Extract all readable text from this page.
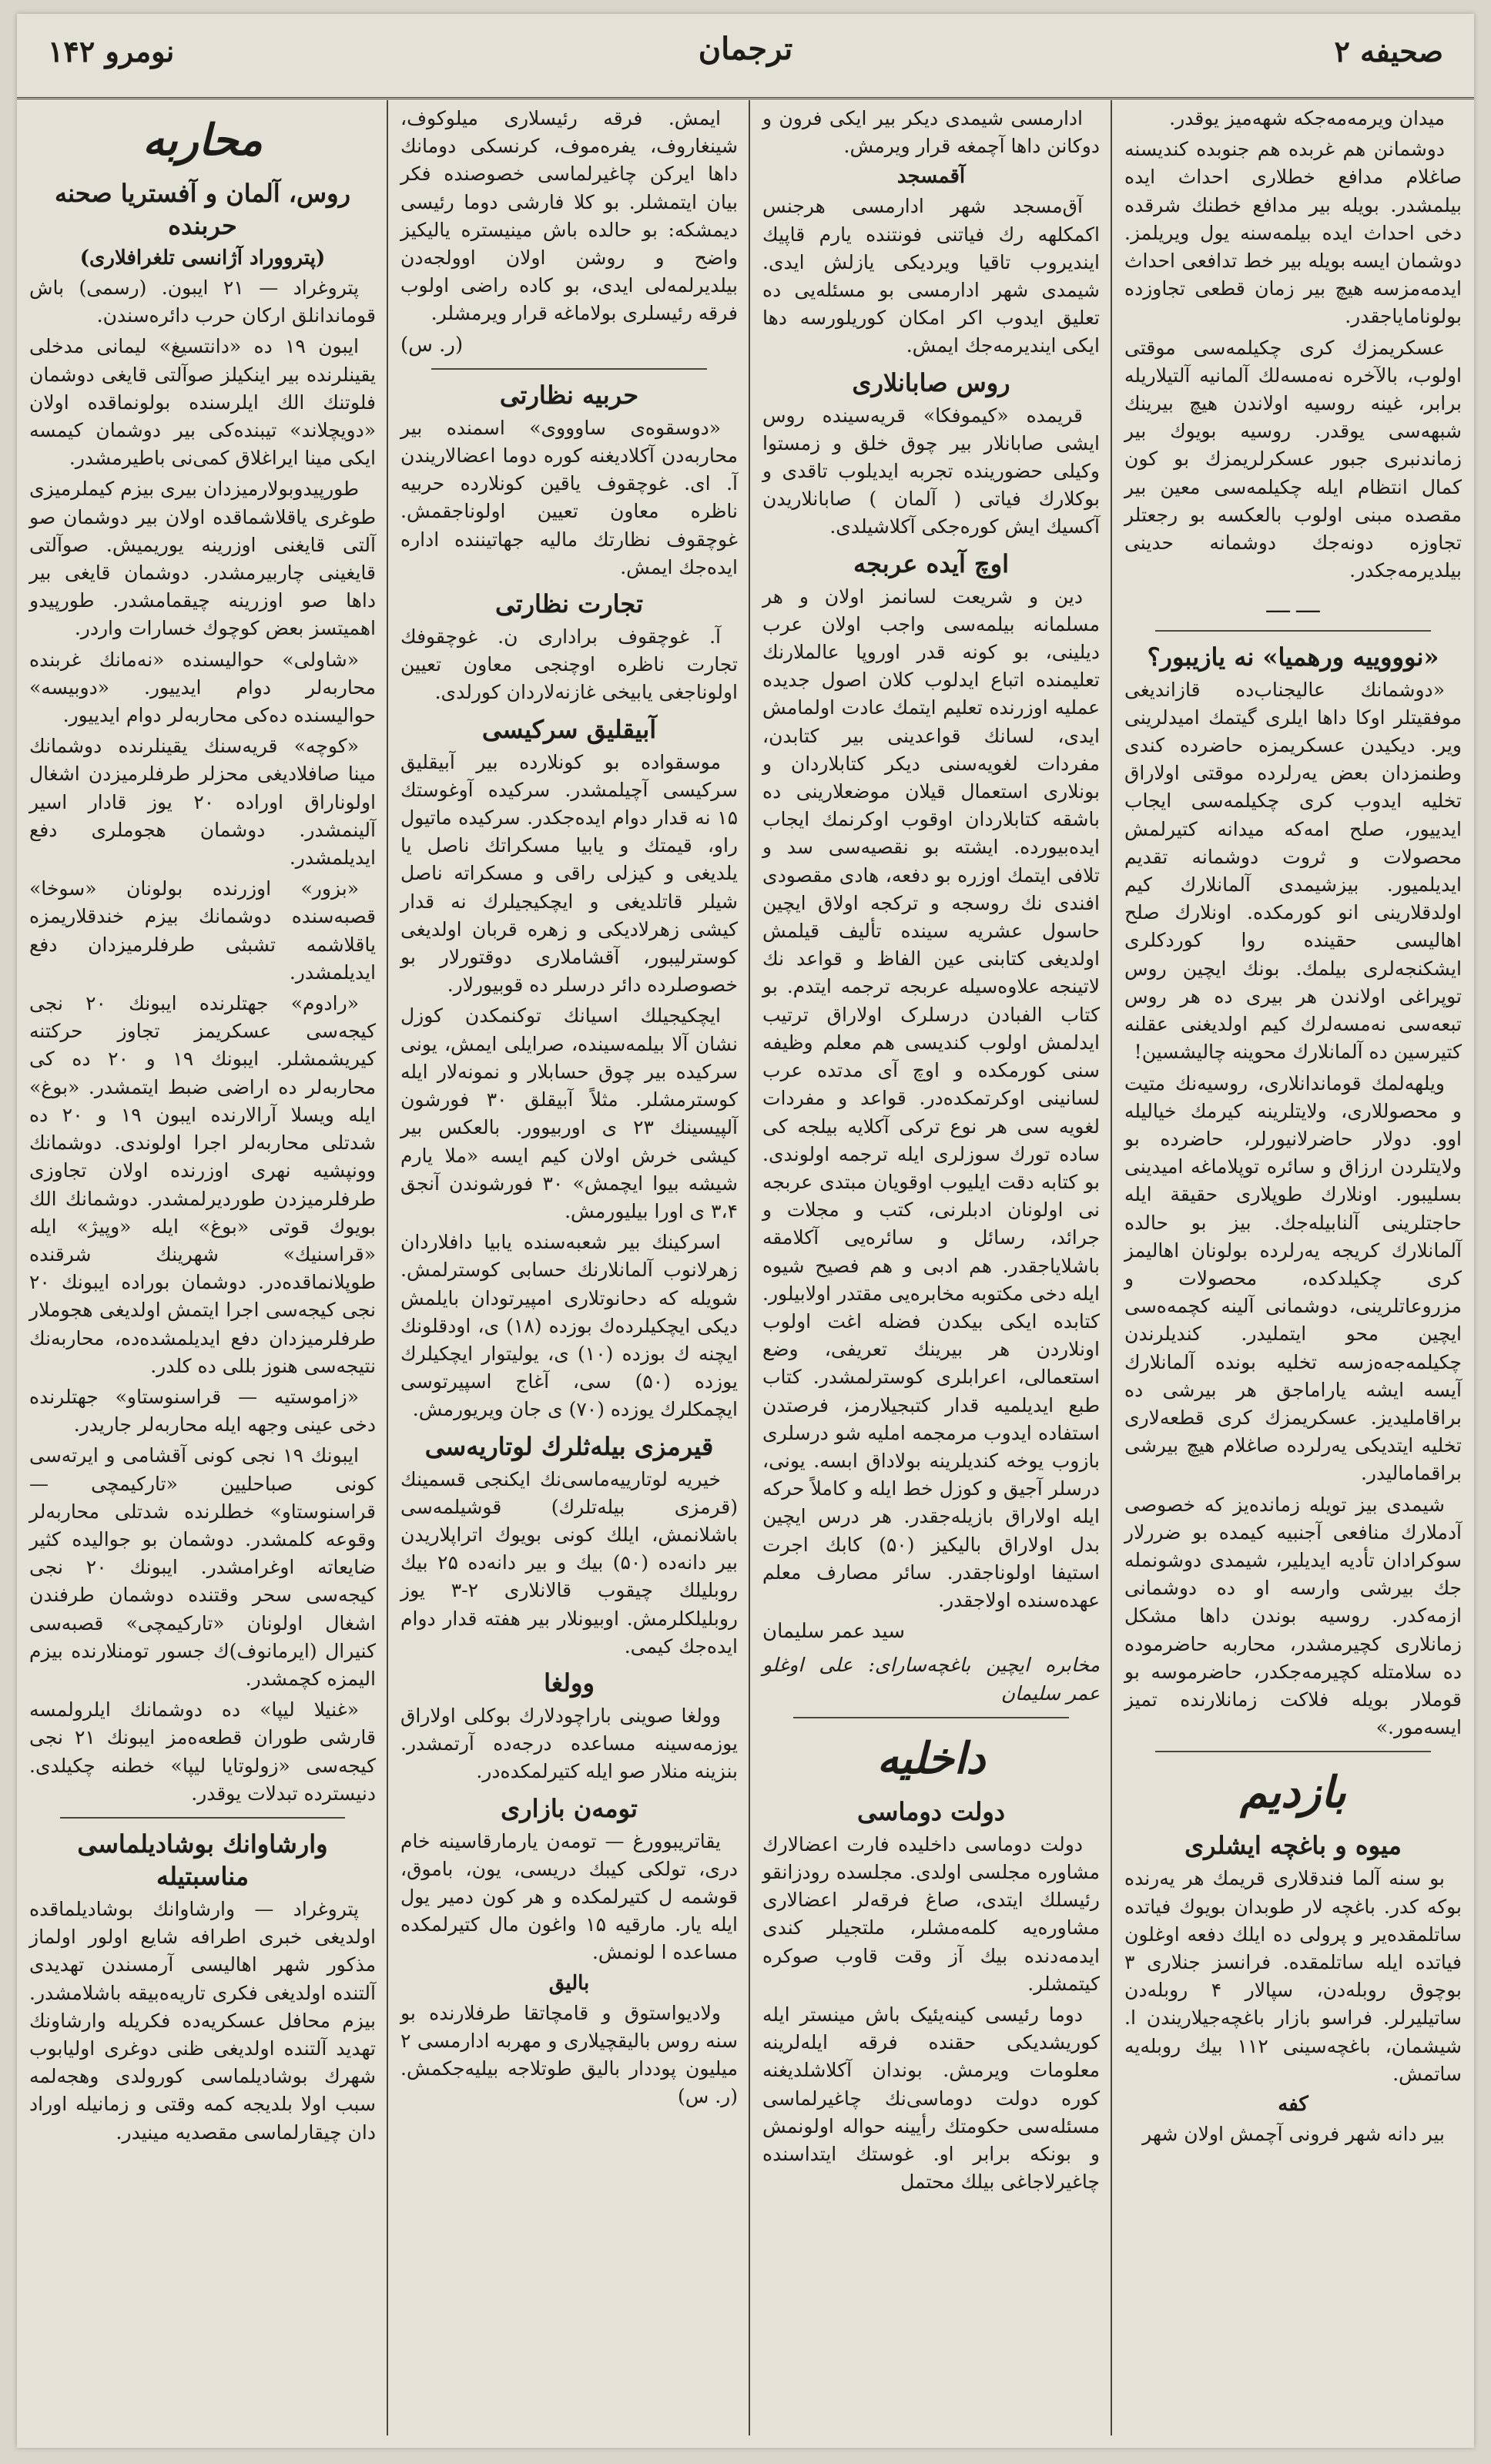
صحیفه ۲
ترجمان
نومرو ۱۴۲

میدان ویرمه‌مه‌جکه شهه‌میز یوقدر.

دوشمانن هم غربده هم جنوبده کندیسنه صاغلام مدافع خطلاری احداث ایده بیلمشدر. بویله بیر مدافع خطنك شرقده دخی احداث ایده بیلمه‌سنه یول ویریلمز. دوشمان ایسه بویله بیر خط تدافعی احداث ایدمه‌مزسه هیچ بیر زمان قطعی تجاوزده بولونامایاجقدر.

عسکریمزك کری چکیلمه‌سی موقتی اولوب، بالآخره نه‌مسه‌لك آلمانیه آلتیلاریله برابر، غینه روسیه اولاندن هیچ بیرینك شبهه‌سی یوقدر. روسیه بویوك بیر زماندنبری جبور عسکرلریمزك بو کون کمال انتظام ایله چکیلمه‌سی معین بیر مقصده مبنی اولوب بالعکسه بو رجعتلر تجاوزه دونه‌جك دوشمانه حدینی بیلدیرمه‌جکدر.

ــــ ــــ

«نوووییه ورهمیا» نه یازیبور؟

«دوشمانك عالیجناب‌ده قازاندیغی موفقیتلر اوکا داها ایلری گیتمك امیدلرینی ویر. دیکیدن عسکریمزه حاضرده کندی وطنمزدان بعض یه‌رلرده موقتی اولاراق تخلیه ایدوب کری چکیلمه‌سی ایجاب ایدییور، صلح امه‌که میدانه کتیرلمش محصولات و ثروت دوشمانه تقدیم ایدیلمیور. بیزشیمدی آلمانلارك کیم اولدقلارینی انو کورمکده. اونلارك صلح اهالیسی حقینده روا کوردکلری ایشکنجه‌لری بیلمك. بونك ایچین روس توپراغی اولاندن هر بیری ده هر روس تبعه‌سی نه‌مسه‌لرك کیم اولدیغنی عقلنه کتیرسین ده آلمانلارك محوینه چالیشسین!

ویلهه‌لمك قوماندانلاری، روسیه‌نك متیت و محصوللاری، ولایتلرینه کیرمك خیالیله اوو. دولار حاضرلانیورلر، حاضرده بو ولایتلردن ارزاق و سائره توپلاماغه امیدینی بسلیبور. اونلارك طوپلاری حقیقة ایله حاجتلرینی آلنابیله‌جك. بیز بو حالده آلمانلارك کریجه یه‌رلرده بولونان اهالیمز کری چکیلدکده، محصولات و مزروعاتلرینی، دوشمانی آلینه کچمه‌ه‌سی ایچین محو ایتملیدر. کندیلرندن چکیلمه‌جه‌ه‌زسه تخلیه بونده آلمانلارك آیسه ایشه یاراماجق هر بیرشی ده براقاملیدیز. عسکریمزك کری قطعه‌لاری تخلیه ایتدیکی یه‌رلرده صاغلام هیچ بیرشی براقمامالیدر.

شیمدی بیز تویله زمانده‌یز که خصوصی آدملارك منافعی آجنبیه کیمده بو ضررلار سوکرادان تأدیه ایدیلیر، شیمدی دوشونمله جك بیرشی وارسه او ده دوشمانی ازمه‌کدر. روسیه بوندن داها مشکل زمانلاری کچیرمشدر، محاربه حاضرموده ده سلامتله کچیرمه‌جکدر، حاضرموسه بو قوملار بویله فلاکت زمانلارنده تمیز ایسه‌مور.»

بازدیم
میوه و باغچه ایشلری

بو سنه آلما فندقلاری قریمك هر یه‌رنده بوکه کدر. باغچه لار طوبدان بویوك فیاتده ساتلمقده‌یر و پرولی ده ایلك دفعه اوغلون فیاتده ایله ساتلمقده. فرانسز جنلاری ۳ بوچوق روبله‌دن، سپالار ۴ روبله‌دن ساتیلیرلر. فراسو بازار باغچه‌جیلاریندن ا. شیشمان، باغچه‌سینی ۱۱۲ بیك روبله‌یه ساتمش.

کفه

بیر دانه شهر فرونی آچمش اولان شهر

ادارمسی شیمدی دیکر بیر ایکی فرون و دوکانن داها آچمغه قرار ویرمش.

آقمسجد

آق‌مسجد شهر ادارمسی هرجنس اکمکلهه رك فیاتنی فونتنده یارم قاپیك ایندیروب تاقیا ویردیکی یازلش ایدی. شیمدی شهر ادارمسی بو مسئله‌یی ده تعلیق ایدوب اکر امکان کوریلورسه دها ایکی ایندیرمه‌جك ایمش.

روس صابانلاری

قریمده «کیموفکا» قریه‌سینده روس ایشی صابانلار بیر چوق خلق و زمستوا وکیلی حضورینده تجربه ایدیلوب تاقدی و بوکلارك فیاتی ( آلمان ) صابانلاریدن آکسیك ایش کوره‌جکی آکلاشیلدی.

اوچ آیده عربجه

دین و شریعت لسانمز اولان و هر مسلمانه بیلمه‌سی واجب اولان عرب دیلینی، بو کونه قدر اوروپا عالملارنك تعلیمنده اتباع ایدلوب کلان اصول جدیده عملیه اوزرنده تعلیم ایتمك عادت اولمامش ایدی، لسانك قواعدینی بیر کتابدن، مفردات لغویه‌سنی دیکر کتابلاردان و بونلاری استعمال قیلان موضعلارینی ده باشقه کتابلاردان اوقوب اوکرنمك ایجاب ایده‌بیورده. ایشته بو نقصیه‌سی سد و تلافی ایتمك اوزره بو دفعه، هادی مقصودی افندی نك روسجه و ترکجه اولاق ایچین حاسول عشریه سینده تألیف قیلمش اولدیغی کتابنی عین الفاظ و قواعد نك لاتینجه علاوه‌سیله عربجه ترجمه ایتدم. بو کتاب الفبادن درسلرک اولاراق ترتیب ایدلمش اولوب کندیسی هم معلم وظیفه سنی کورمکده و اوچ آی مدتده عرب لسانینی اوکرتمکده‌در. قواعد و مفردات لغویه سی هر نوع ترکی آکلایه بیلجه کی ساده تورك سوزلری ایله ترجمه اولوندی. بو کتابه دقت ایلیوب اوقویان مبتدی عربجه نی اولونان ادبلرنی، کتب و مجلات و جرائد، رسائل و سائره‌یی آکلامقه باشلایاجقدر. هم ادبی و هم فصیح شیوه ایله دخی مکتوبه مخابره‌یی مقتدر اولابیلور. کتابده ایکی بیکدن فضله اغت اولوب اونلاردن هر بیرینك تعریفی، وضع استعمالی، اعرابلری کوسترلمشدر. کتاب طبع ایدیلمیه قدار کتبجیلارمز، فرصتدن استفاده ایدوب مرمجمه املیه شو درسلری بازوب یوخه کندیلرینه بولاداق ابسه. یونی، درسلر آجیق و کوزل خط ایله و کاملاً حرکه ایله اولاراق بازیله‌جقدر. هر درس ایچین بدل اولاراق بالیکیز (۵۰) کابك اجرت استیفا اولوناجقدر. سائر مصارف معلم عهده‌سنده اولاجقدر.

سید عمر سلیمان

مخابره ایچین باغچه‌سارای: علی اوغلو عمر سلیمان

داخلیه
دولت دوماسی

دولت دوماسی داخلیده فارت اعضالارك مشاوره مجلسی اولدی. مجلسده رودزانقو رئیسلك ایتدی، صاغ فرقه‌لر اعضالاری مشاوره‌یه کلمه‌مشلر، ملتجیلر کندی ایدمه‌دنده بیك آز وقت قاوب صوکره کیتمشلر.

دوما رئیسی کینه‌یئیک باش مینستر ایله کوریشدیکی حقنده فرقه ایله‌لرینه معلومات ویرمش. بوندان آکلاشلدیغنه کوره دولت دوماسی‌نك چاغیرلماسی مسئله‌سی حکومتك رأیینه حواله اولونمش و بونکه برابر او. غوستك ایتداسنده چاغیرلاجاغی بیلك محتمل

ایمش. فرقه رئیسلاری میلوکوف، شینغاروف، یفره‌موف، کرنسکی دومانك داها ایرکن چاغیرلماسی خصوصنده فکر بیان ایتمشلر. بو کلا فارشی دوما رئیسی دیمشکه: بو حالده باش مینیستره یالیکیز واضح و روشن اولان اوولجه‌دن بیلدیرلمه‌لی ایدی، بو کاده راضی اولوب فرقه رئیسلری بولاماغه قرار ویرمشلر.

(ر. س)

حربیه نظارتی

«دوسقوه‌ی ساوووی» اسمنده بیر محاربه‌دن آکلادیغنه کوره دوما اعضالاریندن آ. ای. غوچقوف یاقین کونلارده حربیه ناظره معاون تعیین اولوناجقمش. غوچقوف نظارتك مالیه جهاتیننده اداره ایده‌جك ایمش.

تجارت نظارتی

آ. غوچقوف براداری ن. غوچقوفك تجارت ناظره اوچنجی معاون تعیین اولوناجغی یابیخی غازنه‌لاردان کورلدی.

آبیقلیق سرکیسی

موسقواده بو کونلارده بیر آبیقلیق سرکیسی آچیلمشدر. سرکیده آوغوستك ۱۵ نه قدار دوام ایده‌جکدر. سرکیده ماتیول راو، قیمتك و یابیا مسکراتك ناصل یا یلدیغی و کیزلی راقی و مسکراته ناصل شیلر قاتلدیغی و ایچکیجیلرك نه قدار کیشی زهرلادیکی و زهره قربان اولدیغی کوسترلیبور، آقشاملاری دوقتورلار بو خصوصلرده دائر درسلر ده قوبیورلار.

ایچکیجیلك اسیانك توکنمکدن کوزل نشان آلا بیلمه‌سینده، صرایلی ایمش، یونی سرکیده بیر چوق حسابلار و نمونه‌لار ایله کوسترمشلر. مثلاً آبیقلق ۳۰ فورشون آلپیسینك ۲۳ ی اوربیوور. بالعکس بیر کیشی خرش اولان کیم ایسه «ملا یارم شیشه بیوا ایچمش» ۳۰ فورشوندن آنجق ۳،۴ ی اورا بیلیورمش.

اسرکینك بیر شعبه‌سنده یابیا دافلاردان زهرلانوب آلمانلارنك حسابی کوسترلمش. شویله که دحانوتلاری امپیرتودان بایلمش دیکی ایچکیلرده‌ك بوزده (۱۸) ی، اودقلونك ایچنه ك بوزده (۱۰) ی، یولیتوار ایچکیلرك یوزده (۵۰) سی، آغاج اسپیرتوسی ایچمکلرك یوزده (۷۰) ی جان ویریورمش.

قیرمزی بیله‌ثلرك لوتاریه‌سی

خیریه لوتارییه‌ماسی‌نك ایکنجی قسمینك (قرمزی بیله‌تلرك) قوشیلمه‌سی باشلانمش، ایلك کونی بویوك اتراپلاریدن بیر دانه‌ده (۵۰) بیك و بیر دانه‌ده ۲۵ بیك روبلیلك چیقوب قالانلاری ۲-۳ یوز روبلیلکلرمش. اوبیونلار بیر هفته قدار دوام ایده‌جك کیمی.

وولغا

وولغا صوینی باراچودلارك بوکلی اولاراق یوزمه‌سینه مساعده درجه‌ده آرتمشدر. بنزینه منلار صو ایله کتیرلمکده‌در.

تومه‌ن بازاری

یقاتریبوورغ — تومه‌ن یارمارقاسینه خام دری، تولکی کیبك دریسی، یون، باموق، قوشمه ل کتیرلمکده و هر کون دمیر یول ایله یار. مارقیه ۱۵ واغون مال کتیرلمکده مساعده ا لونمش.

بالیق

ولادیواستوق و قامچاتقا طرفلارنده بو سنه روس بالیقچیلاری و مهربه ادارمسی ۲ میلیون پوددار بالیق طوتلاجه بیلیه‌جکمش. (ر. س)

محاربه
روس، آلمان و آفستریا صحنه حربنده
(پترووراد آژانسی تلغرافلاری)

پتروغراد — ۲۱ ایبون. (رسمی) باش قوماندانلق ارکان حرب دائره‌سندن.

ایبون ۱۹ ده «دانتسیغ» لیمانی مدخلی یقینلرنده بیر اینکیلز صوآلتی قایغی دوشمان فلوتنك الك ایلرسنده بولونماقده اولان «دویچلاند» تیبنده‌کی بیر دوشمان کیمسه ایکی مینا ایراغلاق کمی‌نی باطیرمشدر.

طورپیدوبولارمیزدان بیری بیزم کیملرمیزی طوغری یاقلاشماقده اولان بیر دوشمان صو آلتی قایغنی اوزرینه یوریمیش. صوآلتی قایغینی چاربیرمشدر. دوشمان قایغی بیر داها صو اوزرینه چیقمامشدر. طورپیدو اهمیتسز بعض کوچوك خسارات واردر.

«شاولی» حوالیسنده «نه‌مانك غربنده محاربه‌لر دوام ایدییور. «دوبیسه» حوالیسنده ده‌کی محاربه‌لر دوام ایدییور.

«کوچه» قریه‌سنك یقینلرنده دوشمانك مینا صافلادیغی محزلر طرفلرمیزدن اشغال اولوناراق اوراده ۲۰ یوز قادار اسیر آلینمشدر. دوشمان هجوملری دفع ایدیلمشدر.

«بزور» اوزرنده بولونان «سوخا» قصبه‌سنده دوشمانك بیزم خندقلاریمزه یاقلاشمه تشبثی طرفلرمیزدان دفع ایدیلمشدر.

«رادوم» جهتلرنده ایبونك ۲۰ نجی کیجه‌سی عسکریمز تجاوز حرکتنه کیریشمشلر. ایبونك ۱۹ و ۲۰ ده کی محاربه‌لر ده اراضی ضبط ایتمشدر. «بوغ» ایله ویسلا آرالارنده ایبون ۱۹ و ۲۰ ده شدتلی محاربه‌لر اجرا اولوندی. دوشمانك وونپشیه نهری اوزرنده اولان تجاوزی طرفلرمیزدن طوردیرلمشدر. دوشمانك الك بویوك قوتی «بوغ» ایله «وپیژ» ایله «قراسنیك» شهرینك شرقنده طوپلانماقده‌در. دوشمان بوراده ایبونك ۲۰ نجی کیجه‌سی اجرا ایتمش اولدیغی هجوملار طرفلرمیزدان دفع ایدیلمشده‌ده، محاربه‌نك نتیجه‌سی هنوز بللی ده کلدر.

«زاموستیه — قراسنوستاو» جهتلرنده دخی عینی وجهه ایله محاربه‌لر جاریدر.

ایبونك ۱۹ نجی کونی آقشامی و ایرته‌سی کونی صباحلیین «تارکیمچی — قراسنوستاو» خطلرنده شدتلی محاربه‌لر وقوعه کلمشدر. دوشمان بو جوالیده کثیر ضایعاته اوغرامشدر. ایبونك ۲۰ نجی کیجه‌سی سحر وقتنده دوشمان طرفندن اشغال اولونان «تارکیمچی» قصبه‌سی کنیرال (ایرمانوف)ك جسور تومنلارنده بیزم الیمزه کچمشدر.

«غنیلا لیپا» ده دوشمانك ایلرولمسه قارشی طوران قطعه‌ه‌مز ایبونك ۲۱ نجی کیجه‌سی «زولوتایا لیپا» خطنه چکیلدی. دنیسترده تبدلات یوقدر.

وارشاوانك بوشادیلماسی مناسبتیله

پتروغراد — وارشاوانك بوشادیلماقده اولدیغی خبری اطرافه شایع اولور اولماز مذکور شهر اهالیسی آرمسندن تهدیدی آلتنده اولدیغی فکری تاریه‌ه‌بیقه باشلامشدر. بیزم محافل عسکریه‌ده فکریله وارشاونك تهدید آلتنده اولدیغی ظنی دوغری اولیابوب شهرك بوشادیلماسی کورولدی وهجه‌لمه سبب اولا بلدیجه کمه وقتی و زمانیله اوراد دان چیقارلماسی مقصدیه مینیدر.
